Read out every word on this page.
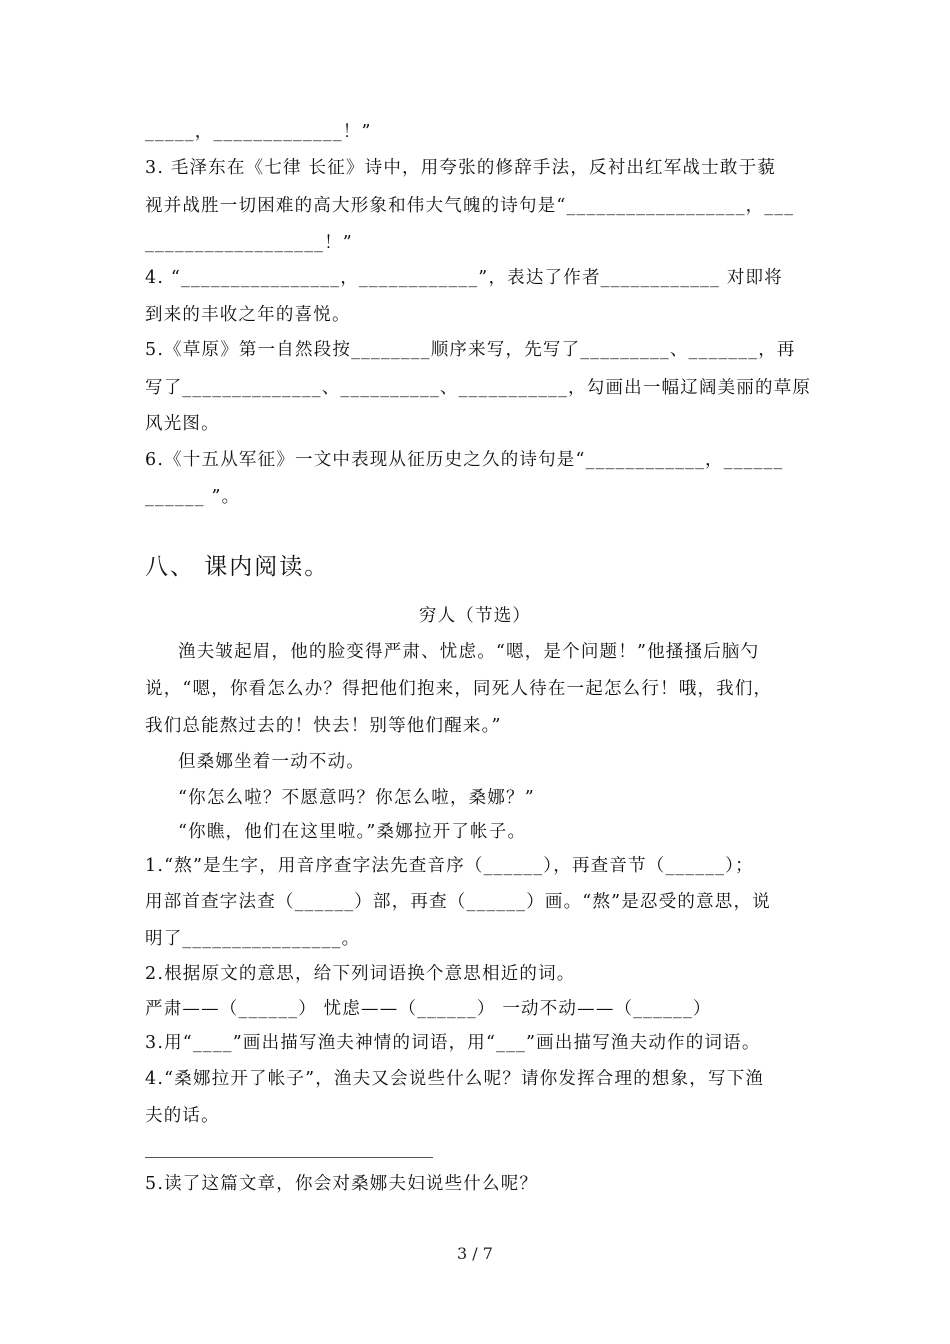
_____，_____________！”
3. 毛泽东在《七律 长征》诗中，用夸张的修辞手法，反衬出红军战士敢于藐
视并战胜一切困难的高大形象和伟大气魄的诗句是“__________________，___
__________________！”
4. “________________，____________”，表达了作者____________ 对即将
到来的丰收之年的喜悦。
5.《草原》第一自然段按________顺序来写，先写了_________、_______，再
写了______________、__________、___________，勾画出一幅辽阔美丽的草原
风光图。
6.《十五从军征》一文中表现从征历史之久的诗句是“____________，______
______ ”。
八、 课内阅读。
穷人（节选）
渔夫皱起眉，他的脸变得严肃、忧虑。“嗯，是个问题！”他搔搔后脑勺
说，“嗯，你看怎么办？得把他们抱来，同死人待在一起怎么行！哦，我们，
我们总能熬过去的！快去！别等他们醒来。”
但桑娜坐着一动不动。
“你怎么啦？不愿意吗？你怎么啦，桑娜？”
“你瞧，他们在这里啦。”桑娜拉开了帐子。
1.“熬”是生字，用音序查字法先查音序（______），再查音节（______）；
用部首查字法查（______）部，再查（______）画。“熬”是忍受的意思，说
明了________________。
2.根据原文的意思，给下列词语换个意思相近的词。
严肃——（______） 忧虑——（______） 一动不动——（______）
3.用“____”画出描写渔夫神情的词语，用“___”画出描写渔夫动作的词语。
4.“桑娜拉开了帐子”，渔夫又会说些什么呢？请你发挥合理的想象，写下渔
夫的话。
5.读了这篇文章，你会对桑娜夫妇说些什么呢？
3 / 7
